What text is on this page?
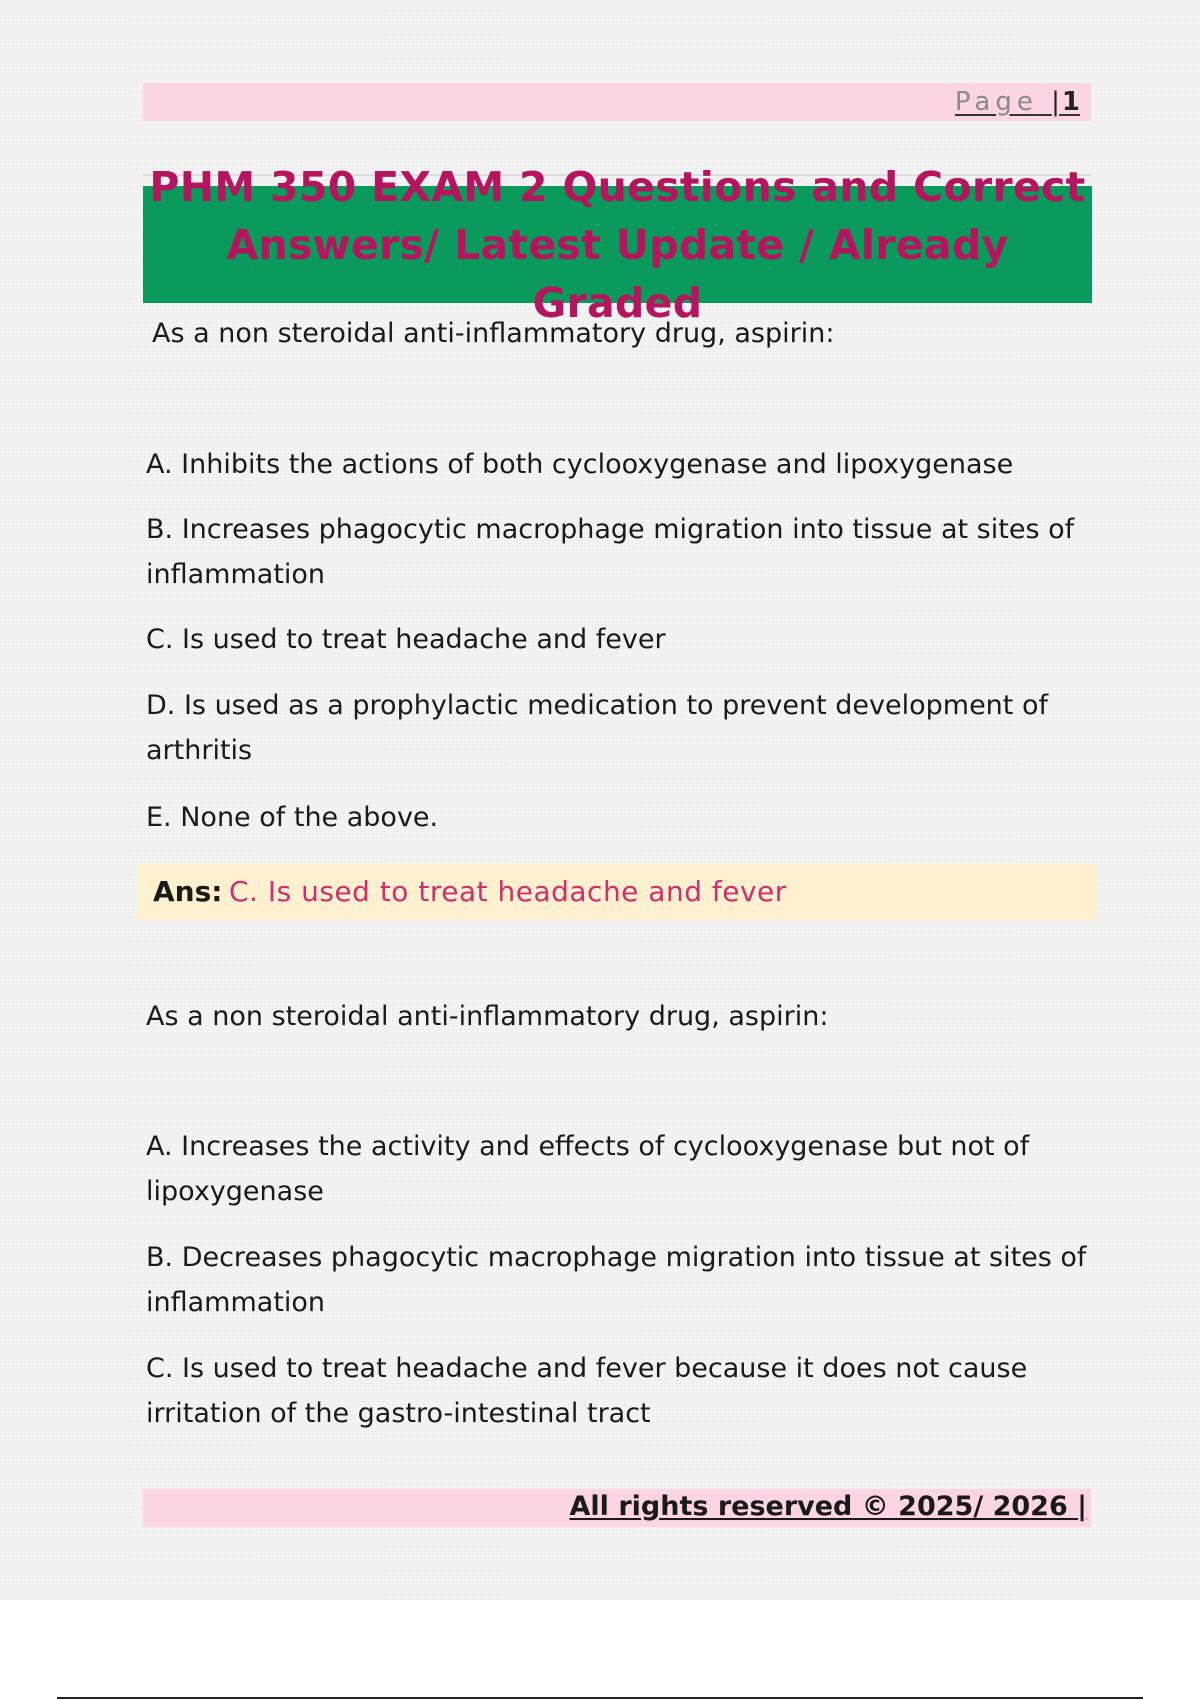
Page |1
PHM 350 EXAM 2 Questions and Correct
Answers/ Latest Update / Already Graded
As a non steroidal anti-inflammatory drug, aspirin:
A. Inhibits the actions of both cyclooxygenase and lipoxygenase
B. Increases phagocytic macrophage migration into tissue at sites of
inflammation
C. Is used to treat headache and fever
D. Is used as a prophylactic medication to prevent development of
arthritis
E. None of the above.
Ans: C. Is used to treat headache and fever
As a non steroidal anti-inflammatory drug, aspirin:
A. Increases the activity and effects of cyclooxygenase but not of
lipoxygenase
B. Decreases phagocytic macrophage migration into tissue at sites of
inflammation
C. Is used to treat headache and fever because it does not cause
irritation of the gastro-intestinal tract
All rights reserved © 2025/ 2026 |
